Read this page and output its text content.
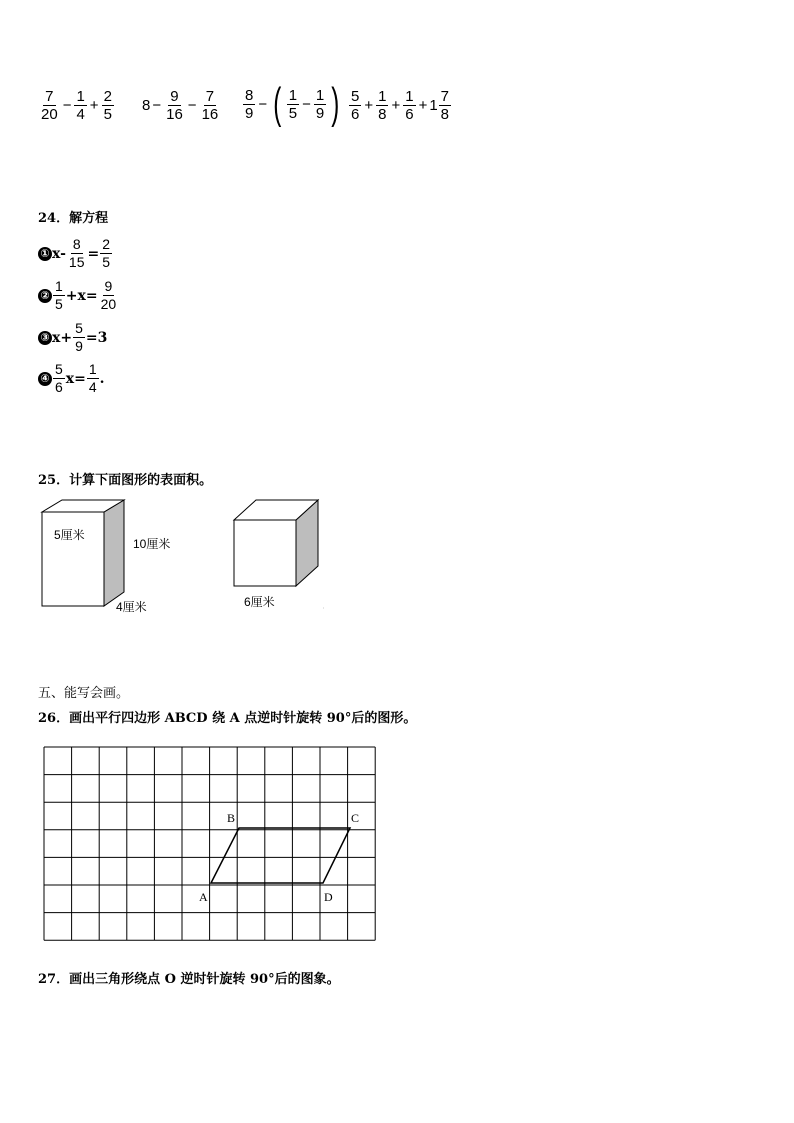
$\frac{7}{20} - \frac{1}{4} + \frac{2}{5} 8 - \frac{9}{16} - \frac{7}{16} \frac{8}{9}$ − ( $\frac{1}{5} - \frac{1}{9}$ ) $\frac{5}{6} + \frac{1}{8} + \frac{1}{6} + 1 \frac{7}{8}$
24．解方程
① $x- \frac{8}{15} = \frac{2}{5}$
② $\frac{1}{5} +x= \frac{9}{20}$
③ $x+ \frac{5}{9} =3$
④ $\frac{5}{6} x= \frac{1}{4}$ .
25．计算下面图形的表面积。
5厘米
10厘米
4厘米	6厘米
五、能写会画。
26．画出平行四边形 ABCD 绕 A 点逆时针旋转 90°后的图形。
A
B	C
D
27．画出三角形绕点 O 逆时针旋转 90°后的图象。
